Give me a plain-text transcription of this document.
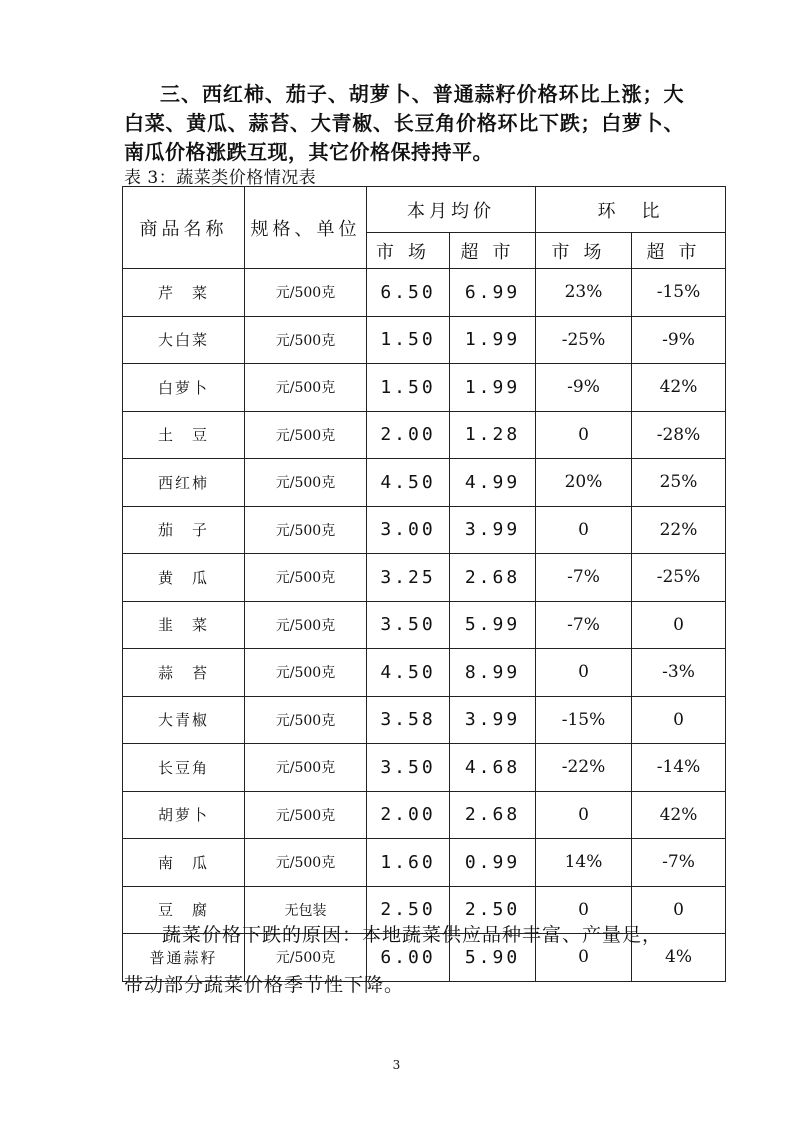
三、西红柿、茄子、胡萝卜、普通蒜籽价格环比上涨；大白菜、黄瓜、蒜苔、大青椒、长豆角价格环比下跌；白萝卜、南瓜价格涨跌互现，其它价格保持持平。
表 3：蔬菜类价格情况表
商品名称	规格、单位	本月均价		环　比	
		市场	超市	市场	超市
芹　菜	元/500克	6.50	6.99	23%	-15%
大白菜	元/500克	1.50	1.99	-25%	-9%
白萝卜	元/500克	1.50	1.99	-9%	42%
土　豆	元/500克	2.00	1.28	0	-28%
西红柿	元/500克	4.50	4.99	20%	25%
茄　子	元/500克	3.00	3.99	0	22%
黄　瓜	元/500克	3.25	2.68	-7%	-25%
韭　菜	元/500克	3.50	5.99	-7%	0
蒜　苔	元/500克	4.50	8.99	0	-3%
大青椒	元/500克	3.58	3.99	-15%	0
长豆角	元/500克	3.50	4.68	-22%	-14%
胡萝卜	元/500克	2.00	2.68	0	42%
南　瓜	元/500克	1.60	0.99	14%	-7%
豆　腐	无包装	2.50	2.50	0	0
普通蒜籽	元/500克	6.00	5.90	0	4%
蔬菜价格下跌的原因：本地蔬菜供应品种丰富、产量足，
带动部分蔬菜价格季节性下降。
3
